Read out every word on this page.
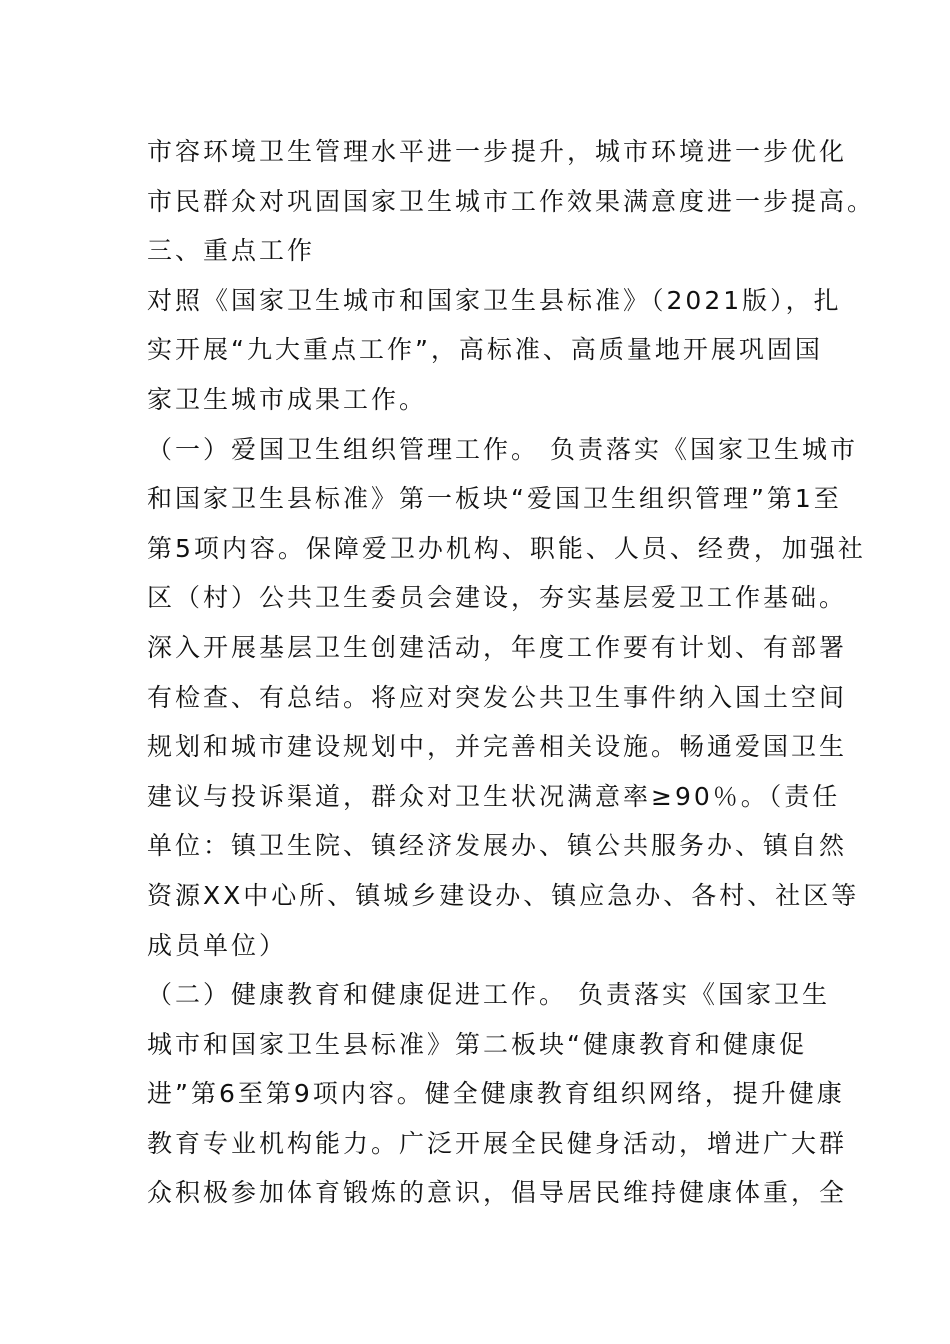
市容环境卫生管理水平进一步提升，城市环境进一步优化
市民群众对巩固国家卫生城市工作效果满意度进一步提高。
三、重点工作
对照《国家卫生城市和国家卫生县标准》（2021版），扎
实开展“九大重点工作”，高标准、高质量地开展巩固国
家卫生城市成果工作。
（一）爱国卫生组织管理工作。 负责落实《国家卫生城市
和国家卫生县标准》第一板块“爱国卫生组织管理”第1至
第5项内容。保障爱卫办机构、职能、人员、经费，加强社
区（村）公共卫生委员会建设，夯实基层爱卫工作基础。
深入开展基层卫生创建活动，年度工作要有计划、有部署
有检查、有总结。将应对突发公共卫生事件纳入国土空间
规划和城市建设规划中，并完善相关设施。畅通爱国卫生
建议与投诉渠道，群众对卫生状况满意率≥90％。（责任
单位：镇卫生院、镇经济发展办、镇公共服务办、镇自然
资源XX中心所、镇城乡建设办、镇应急办、各村、社区等
成员单位）
（二）健康教育和健康促进工作。 负责落实《国家卫生
城市和国家卫生县标准》第二板块“健康教育和健康促
进”第6至第9项内容。健全健康教育组织网络，提升健康
教育专业机构能力。广泛开展全民健身活动，增进广大群
众积极参加体育锻炼的意识，倡导居民维持健康体重，全
